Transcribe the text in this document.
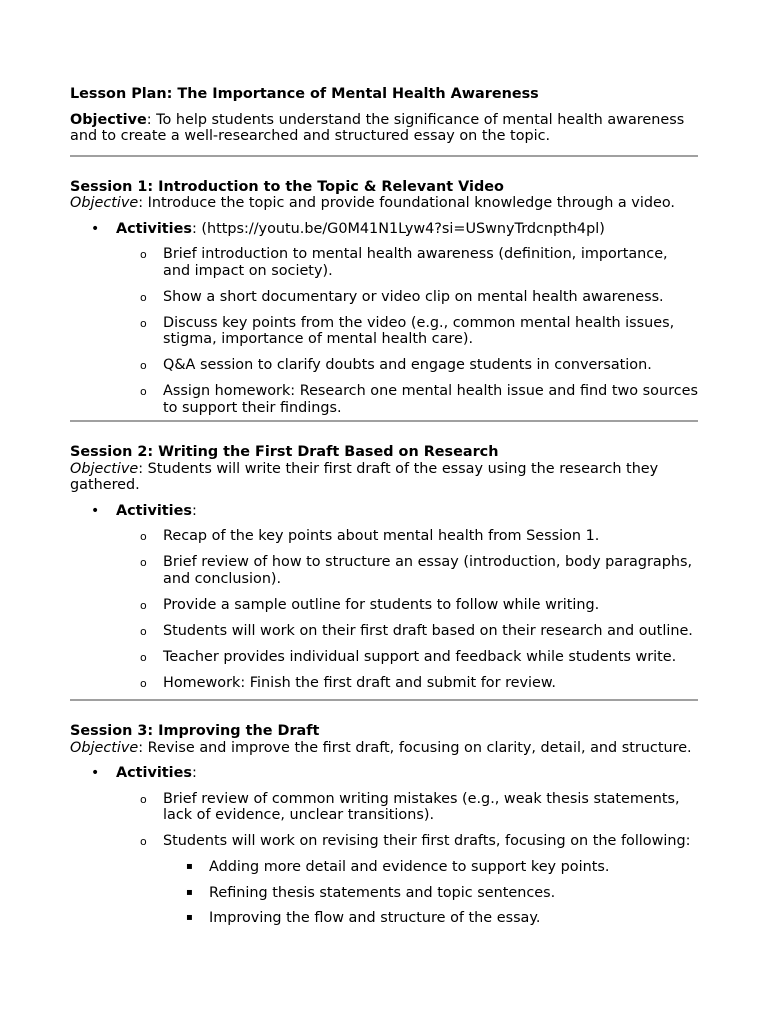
Lesson Plan: The Importance of Mental Health Awareness

Objective: To help students understand the significance of mental health awareness and to create a well-researched and structured essay on the topic.

Session 1: Introduction to the Topic & Relevant Video

Objective: Introduce the topic and provide foundational knowledge through a video.

• Activities: (https://youtu.be/G0M41N1Lyw4?si=USwnyTrdcnpth4pl)
o Brief introduction to mental health awareness (definition, importance, and impact on society).
o Show a short documentary or video clip on mental health awareness.
o Discuss key points from the video (e.g., common mental health issues, stigma, importance of mental health care).
o Q&A session to clarify doubts and engage students in conversation.
o Assign homework: Research one mental health issue and find two sources to support their findings.

Session 2: Writing the First Draft Based on Research

Objective: Students will write their first draft of the essay using the research they gathered.

• Activities:
o Recap of the key points about mental health from Session 1.
o Brief review of how to structure an essay (introduction, body paragraphs, and conclusion).
o Provide a sample outline for students to follow while writing.
o Students will work on their first draft based on their research and outline.
o Teacher provides individual support and feedback while students write.
o Homework: Finish the first draft and submit for review.

Session 3: Improving the Draft

Objective: Revise and improve the first draft, focusing on clarity, detail, and structure.

• Activities:
o Brief review of common writing mistakes (e.g., weak thesis statements, lack of evidence, unclear transitions).
o Students will work on revising their first drafts, focusing on the following:
▪ Adding more detail and evidence to support key points.
▪ Refining thesis statements and topic sentences.
▪ Improving the flow and structure of the essay.
